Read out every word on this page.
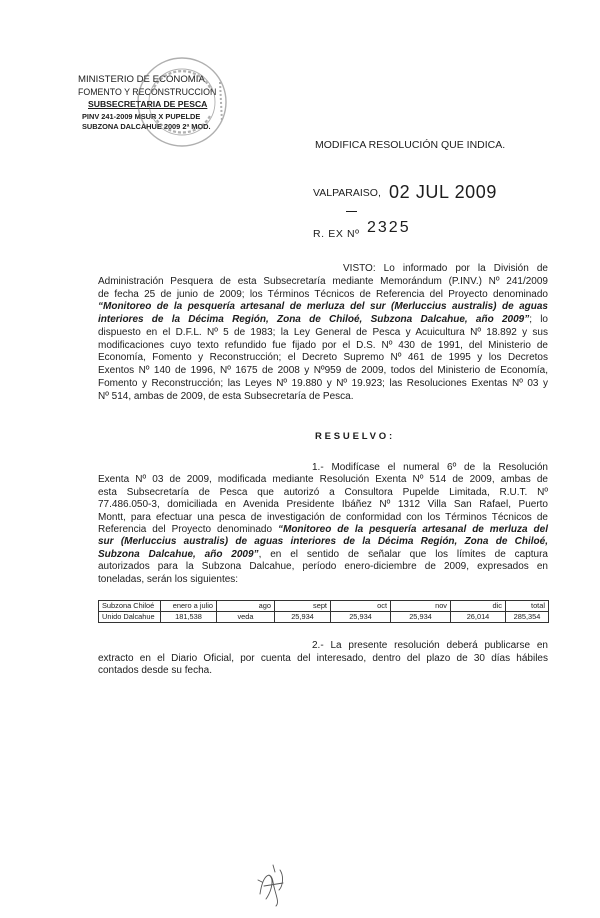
MINISTERIO DE ECONOMIA
FOMENTO Y RECONSTRUCCION
SUBSECRETARIA DE PESCA
PINV 241-2009 MSUR X PUPELDE
SUBZONA DALCAHUE 2009 2ª MOD.
MODIFICA RESOLUCIÓN QUE INDICA.
VALPARAISO, 02 JUL 2009
R. EX Nº 2325
VISTO: Lo informado por la División de
Administración Pesquera de esta Subsecretaría mediante Memorándum (P.INV.) Nº 241/2009
de fecha 25 de junio de 2009; los Términos Técnicos de Referencia del Proyecto denominado
“Monitoreo de la pesquería artesanal de merluza del sur (Merluccius australis) de aguas
interiores de la Décima Región, Zona de Chiloé, Subzona Dalcahue, año 2009”; lo
dispuesto en el D.F.L. Nº 5 de 1983; la Ley General de Pesca y Acuicultura Nº 18.892 y sus
modificaciones cuyo texto refundido fue fijado por el D.S. Nº 430 de 1991, del Ministerio de
Economía, Fomento y Reconstrucción; el Decreto Supremo Nº 461 de 1995 y los Decretos
Exentos Nº 140 de 1996, Nº 1675 de 2008 y Nº959 de 2009, todos del Ministerio de Economía,
Fomento y Reconstrucción; las Leyes Nº 19.880 y Nº 19.923; las Resoluciones Exentas Nº 03 y
Nº 514, ambas de 2009, de esta Subsecretaría de Pesca.
RESUELVO:
1.- Modifícase el numeral 6º de la Resolución
Exenta Nº 03 de 2009, modificada mediante Resolución Exenta Nº 514 de 2009, ambas de
esta Subsecretaría de Pesca que autorizó a Consultora Pupelde Limitada, R.U.T. Nº
77.486.050-3, domiciliada en Avenida Presidente Ibáñez Nº 1312 Villa San Rafael, Puerto
Montt, para efectuar una pesca de investigación de conformidad con los Términos Técnicos de
Referencia del Proyecto denominado “Monitoreo de la pesquería artesanal de merluza del
sur (Merluccius australis) de aguas interiores de la Décima Región, Zona de Chiloé,
Subzona Dalcahue, año 2009”, en el sentido de señalar que los límites de captura
autorizados para la Subzona Dalcahue, período enero-diciembre de 2009, expresados en
toneladas, serán los siguientes:
Subzona Chiloé	enero a julio	ago	sept	oct	nov	dic	total
Unido Dalcahue	181,538	veda	25,934	25,934	25,934	26,014	285,354
2.- La presente resolución deberá publicarse en
extracto en el Diario Oficial, por cuenta del interesado, dentro del plazo de 30 días hábiles
contados desde su fecha.
